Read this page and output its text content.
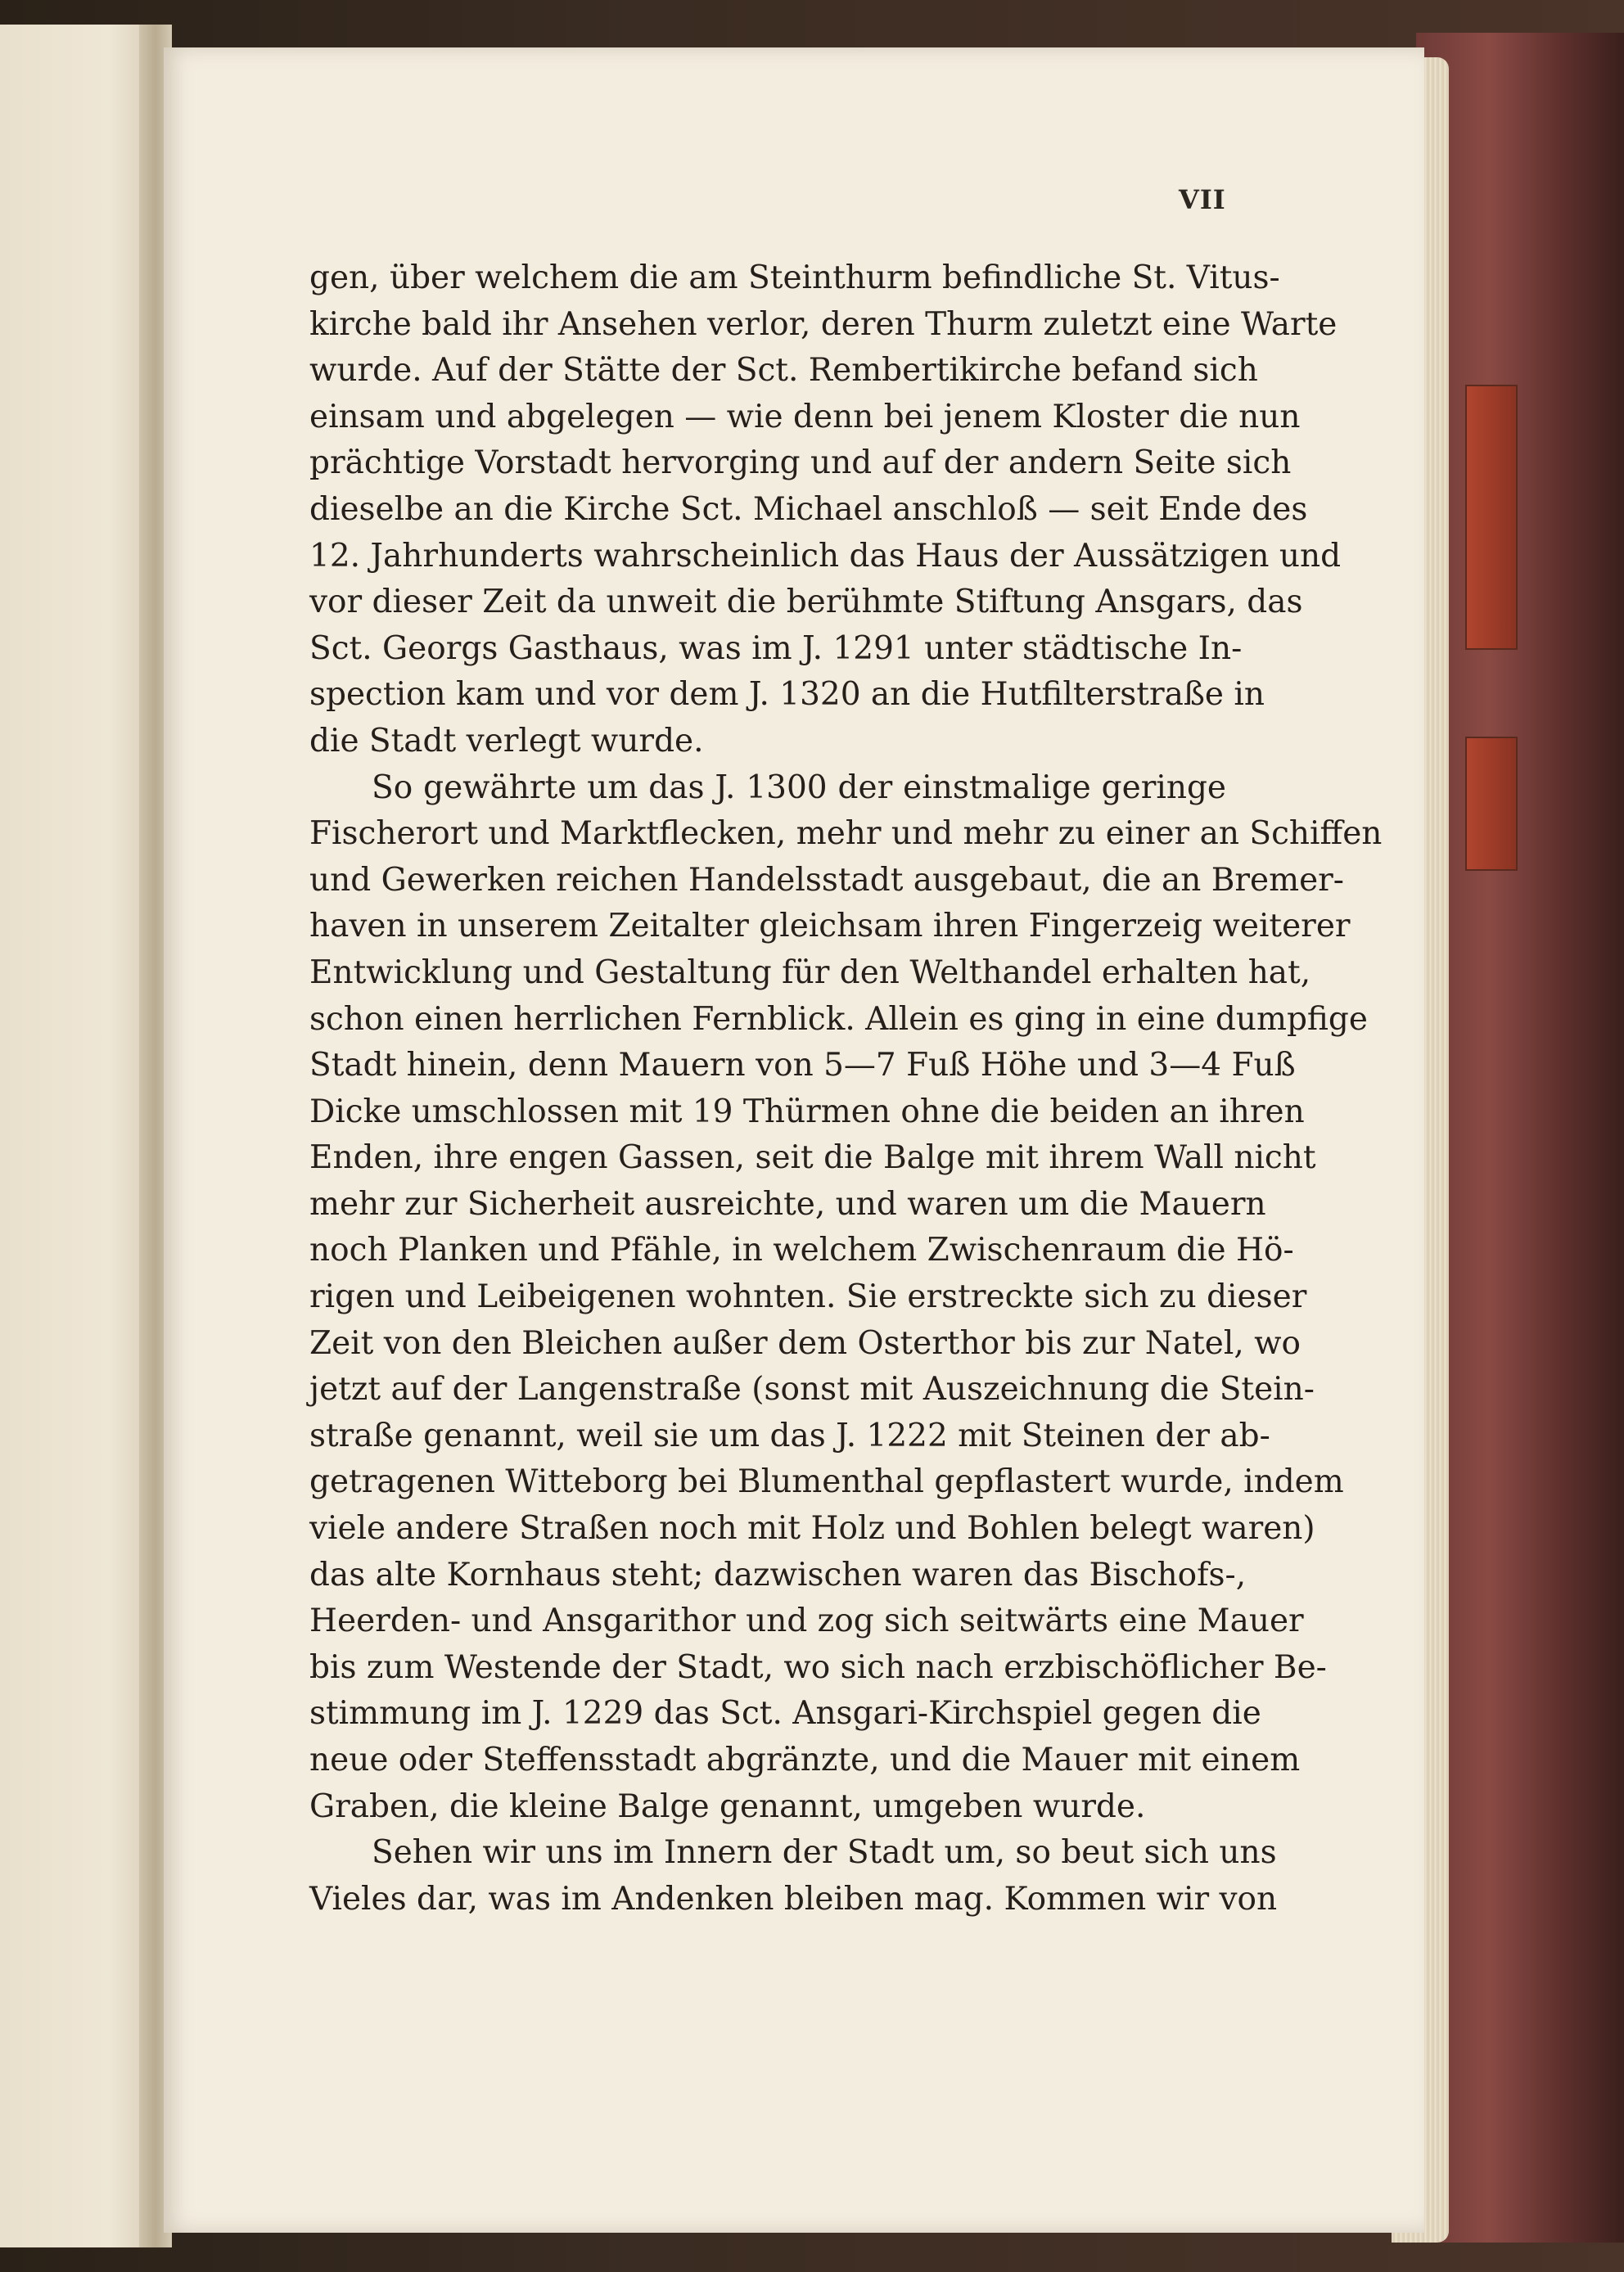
VII
gen, über welchem die am Steinthurm befindliche St. Vitus-
kirche bald ihr Ansehen verlor, deren Thurm zuletzt eine Warte
wurde. Auf der Stätte der Sct. Rembertikirche befand sich
einsam und abgelegen — wie denn bei jenem Kloster die nun
prächtige Vorstadt hervorging und auf der andern Seite sich
dieselbe an die Kirche Sct. Michael anschloß — seit Ende des
12. Jahrhunderts wahrscheinlich das Haus der Aussätzigen und
vor dieser Zeit da unweit die berühmte Stiftung Ansgars, das
Sct. Georgs Gasthaus, was im J. 1291 unter städtische In-
spection kam und vor dem J. 1320 an die Hutfilterstraße in
die Stadt verlegt wurde.
So gewährte um das J. 1300 der einstmalige geringe
Fischerort und Marktflecken, mehr und mehr zu einer an Schiffen
und Gewerken reichen Handelsstadt ausgebaut, die an Bremer-
haven in unserem Zeitalter gleichsam ihren Fingerzeig weiterer
Entwicklung und Gestaltung für den Welthandel erhalten hat,
schon einen herrlichen Fernblick. Allein es ging in eine dumpfige
Stadt hinein, denn Mauern von 5—7 Fuß Höhe und 3—4 Fuß
Dicke umschlossen mit 19 Thürmen ohne die beiden an ihren
Enden, ihre engen Gassen, seit die Balge mit ihrem Wall nicht
mehr zur Sicherheit ausreichte, und waren um die Mauern
noch Planken und Pfähle, in welchem Zwischenraum die Hö-
rigen und Leibeigenen wohnten. Sie erstreckte sich zu dieser
Zeit von den Bleichen außer dem Osterthor bis zur Natel, wo
jetzt auf der Langenstraße (sonst mit Auszeichnung die Stein-
straße genannt, weil sie um das J. 1222 mit Steinen der ab-
getragenen Witteborg bei Blumenthal gepflastert wurde, indem
viele andere Straßen noch mit Holz und Bohlen belegt waren)
das alte Kornhaus steht; dazwischen waren das Bischofs-,
Heerden- und Ansgarithor und zog sich seitwärts eine Mauer
bis zum Westende der Stadt, wo sich nach erzbischöflicher Be-
stimmung im J. 1229 das Sct. Ansgari-Kirchspiel gegen die
neue oder Steffensstadt abgränzte, und die Mauer mit einem
Graben, die kleine Balge genannt, umgeben wurde.
Sehen wir uns im Innern der Stadt um, so beut sich uns
Vieles dar, was im Andenken bleiben mag. Kommen wir von
